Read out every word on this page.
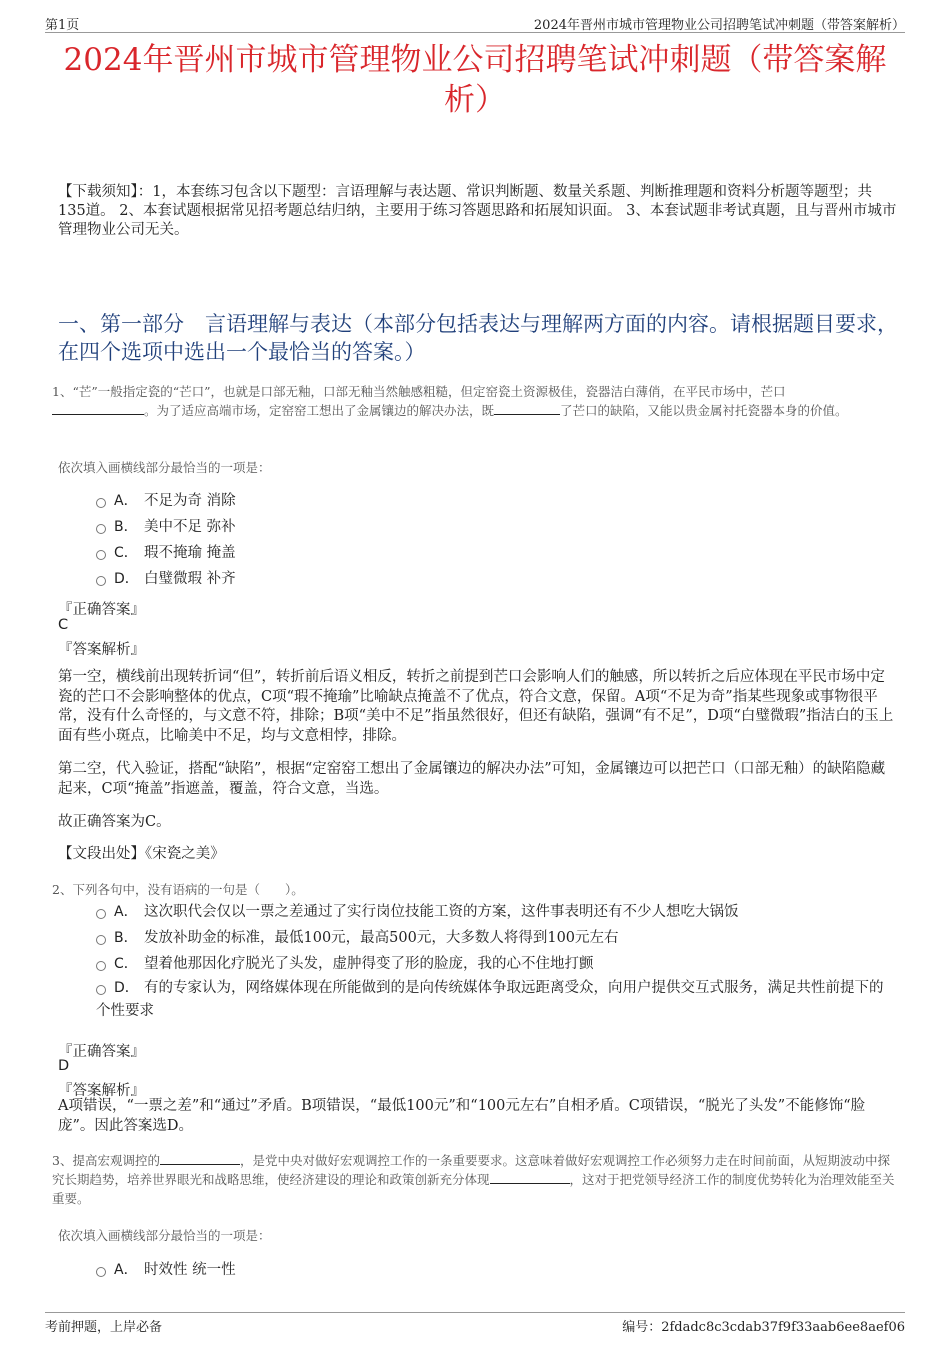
第1页	2024年晋州市城市管理物业公司招聘笔试冲刺题（带答案解析）
2024年晋州市城市管理物业公司招聘笔试冲刺题（带答案解析）
【下载须知】：1，本套练习包含以下题型：言语理解与表达题、常识判断题、数量关系题、判断推理题和资料分析题等题型；共135道。 2、本套试题根据常见招考题总结归纳，主要用于练习答题思路和拓展知识面。 3、本套试题非考试真题，且与晋州市城市管理物业公司无关。
一、第一部分　言语理解与表达（本部分包括表达与理解两方面的内容。请根据题目要求，在四个选项中选出一个最恰当的答案。）

1、“芒”一般指定瓷的“芒口”，也就是口部无釉，口部无釉当然触感粗糙，但定窑瓷土资源极佳，瓷器洁白薄俏，在平民市场中，芒口
。为了适应高端市场，定窑窑工想出了金属镶边的解决办法，既	了芒口的缺陷，又能以贵金属衬托瓷器本身的价值。

依次填入画横线部分最恰当的一项是：
A． 不足为奇 消除
B． 美中不足 弥补
C． 瑕不掩瑜 掩盖
D． 白璧微瑕 补齐
『正确答案』
C
『答案解析』
第一空，横线前出现转折词“但”，转折前后语义相反，转折之前提到芒口会影响人们的触感，所以转折之后应体现在平民市场中定瓷的芒口不会影响整体的优点，C项“瑕不掩瑜”比喻缺点掩盖不了优点，符合文意，保留。A项“不足为奇”指某些现象或事物很平常，没有什么奇怪的，与文意不符，排除；B项“美中不足”指虽然很好，但还有缺陷，强调“有不足”，D项“白璧微瑕”指洁白的玉上面有些小斑点，比喻美中不足，均与文意相悖，排除。
第二空，代入验证，搭配“缺陷”，根据“定窑窑工想出了金属镶边的解决办法”可知，金属镶边可以把芒口（口部无釉）的缺陷隐藏起来，C项“掩盖”指遮盖，覆盖，符合文意，当选。
故正确答案为C。
【文段出处】《宋瓷之美》
2、下列各句中，没有语病的一句是（　　）。
A． 这次职代会仅以一票之差通过了实行岗位技能工资的方案，这件事表明还有不少人想吃大锅饭
B． 发放补助金的标准，最低100元，最高500元，大多数人将得到100元左右
C． 望着他那因化疗脱光了头发，虚肿得变了形的脸庞，我的心不住地打颤
D． 有的专家认为，网络媒体现在所能做到的是向传统媒体争取远距离受众，向用户提供交互式服务，满足共性前提下的个性要求
『正确答案』
D
『答案解析』
A项错误，“一票之差”和“通过”矛盾。B项错误，“最低100元”和“100元左右”自相矛盾。C项错误，“脱光了头发”不能修饰“脸庞”。因此答案选D。

3、提高宏观调控的	，是党中央对做好宏观调控工作的一条重要要求。这意味着做好宏观调控工作必须努力走在时间前面，从短期波动中探究长期趋势，培养世界眼光和战略思维，使经济建设的理论和政策创新充分体现	，这对于把党领导经济工作的制度优势转化为治理效能至关重要。

依次填入画横线部分最恰当的一项是：
A． 时效性 统一性
考前押题，上岸必备	编号：2fdadc8c3cdab37f9f33aab6ee8aef06
